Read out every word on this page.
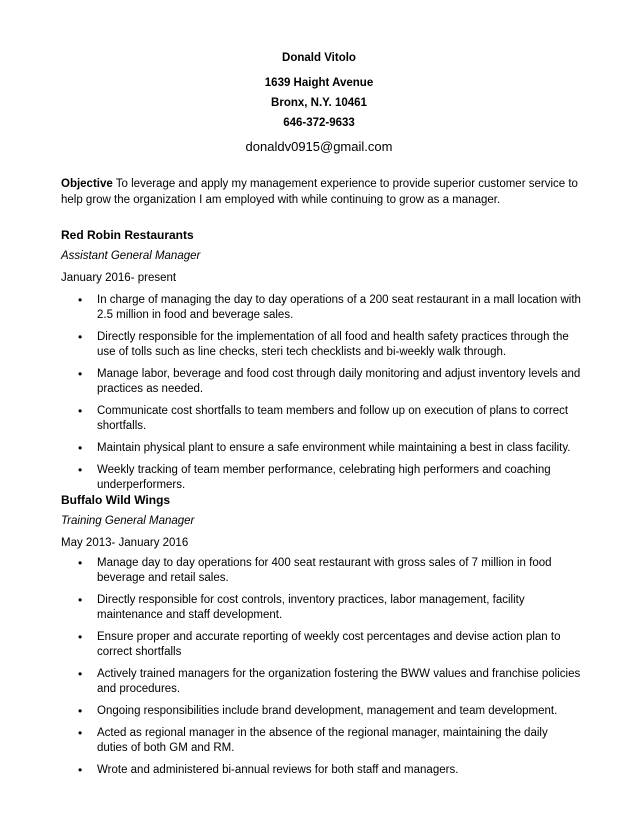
Donald Vitolo
1639 Haight Avenue
Bronx, N.Y. 10461
646-372-9633
donaldv0915@gmail.com
Objective To leverage and apply my management experience to provide superior customer service to help grow the organization I am employed with while continuing to grow as a manager.
Red Robin Restaurants
Assistant General Manager
January 2016- present
• In charge of managing the day to day operations of a 200 seat restaurant in a mall location with 2.5 million in food and beverage sales.
• Directly responsible for the implementation of all food and health safety practices through the use of tolls such as line checks, steri tech checklists and bi-weekly walk through.
• Manage labor, beverage and food cost through daily monitoring and adjust inventory levels and practices as needed.
• Communicate cost shortfalls to team members and follow up on execution of plans to correct shortfalls.
• Maintain physical plant to ensure a safe environment while maintaining a best in class facility.
• Weekly tracking of team member performance, celebrating high performers and coaching underperformers.
Buffalo Wild Wings
Training General Manager
May 2013- January 2016
• Manage day to day operations for 400 seat restaurant with gross sales of 7 million in food beverage and retail sales.
• Directly responsible for cost controls, inventory practices, labor management, facility maintenance and staff development.
• Ensure proper and accurate reporting of weekly cost percentages and devise action plan to correct shortfalls
• Actively trained managers for the organization fostering the BWW values and franchise policies and procedures.
• Ongoing responsibilities include brand development, management and team development.
• Acted as regional manager in the absence of the regional manager, maintaining the daily duties of both GM and RM.
• Wrote and administered bi-annual reviews for both staff and managers.
